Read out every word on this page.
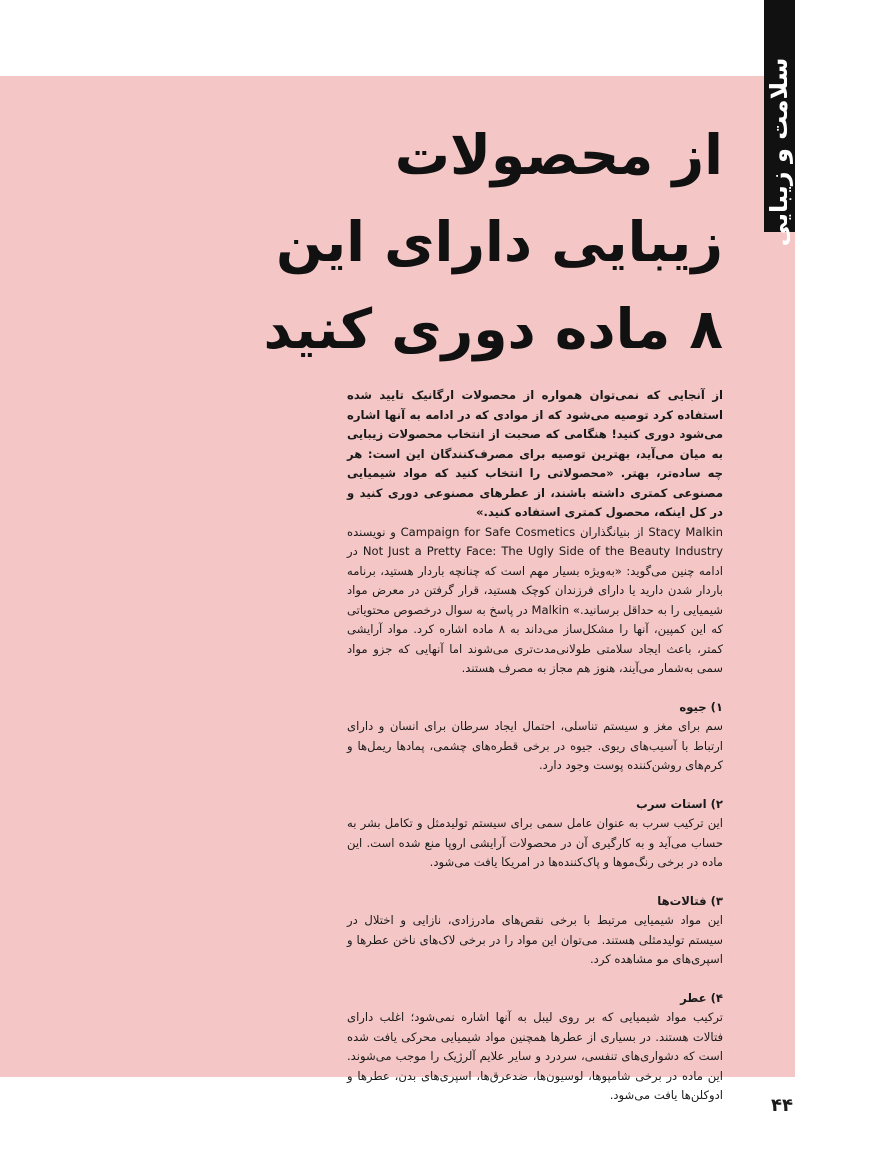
سلامت و زیبایی
از محصولات
زیبایی دارای این
۸ ماده دوری کنید

از آنجایی که نمی‌توان همواره از محصولات ارگانیک تایید شده استفاده کرد توصیه می‌شود که از موادی که در ادامه به آنها اشاره می‌شود دوری کنید! هنگامی که صحبت از انتخاب محصولات زیبایی به میان می‌آید، بهترین توصیه برای مصرف‌کنندگان این است: هر چه ساده‌تر، بهتر. «محصولاتی را انتخاب کنید که مواد شیمیایی مصنوعی کمتری داشته باشند، از عطرهای مصنوعی دوری کنید و در کل اینکه، محصول کمتری استفاده کنید.»

Stacy Malkin از بنیانگذاران Campaign for Safe Cosmetics و نویسنده Not Just a Pretty Face: The Ugly Side of the Beauty Industry در ادامه چنین می‌گوید: «به‌ویژه بسیار مهم است که چنانچه باردار هستید، برنامه باردار شدن دارید یا دارای فرزندان کوچک هستید، قرار گرفتن در معرض مواد شیمیایی را به حداقل برسانید.» Malkin در پاسخ به سوال درخصوص محتویاتی که این کمپین، آنها را مشکل‌ساز می‌داند به ۸ ماده اشاره کرد. مواد آرایشی کمتر، باعث ایجاد سلامتی طولانی‌مدت‌تری می‌شوند اما آنهایی که جزو مواد سمی به‌شمار می‌آیند، هنوز هم مجاز به مصرف هستند.

۱) جیوه

سم برای مغز و سیستم تناسلی، احتمال ایجاد سرطان برای انسان و دارای ارتباط با آسیب‌های ریوی. جیوه در برخی قطره‌های چشمی، پمادها ریمل‌ها و کرم‌های روشن‌کننده پوست وجود دارد.

۲) استات سرب

این ترکیب سرب به عنوان عامل سمی برای سیستم تولیدمثل و تکامل بشر به حساب می‌آید و به کارگیری آن در محصولات آرایشی اروپا منع شده است. این ماده در برخی رنگ‌موها و پاک‌کننده‌ها در امریکا یافت می‌شود.

۳) فتالات‌ها

این مواد شیمیایی مرتبط با برخی نقص‌های مادرزادی، نازایی و اختلال در سیستم تولیدمثلی هستند. می‌توان این مواد را در برخی لاک‌های ناخن عطرها و اسپری‌های مو مشاهده کرد.

۴) عطر

ترکیب مواد شیمیایی که بر روی لیبل به آنها اشاره نمی‌شود؛ اغلب دارای فتالات هستند. در بسیاری از عطرها همچنین مواد شیمیایی محرکی یافت شده است که دشواری‌های تنفسی، سردرد و سایر علایم آلرژیک را موجب می‌شوند. این ماده در برخی شامپوها، لوسیون‌ها، ضدعرق‌ها، اسپری‌های بدن، عطرها و ادوکلن‌ها یافت می‌شود.	۴۴
